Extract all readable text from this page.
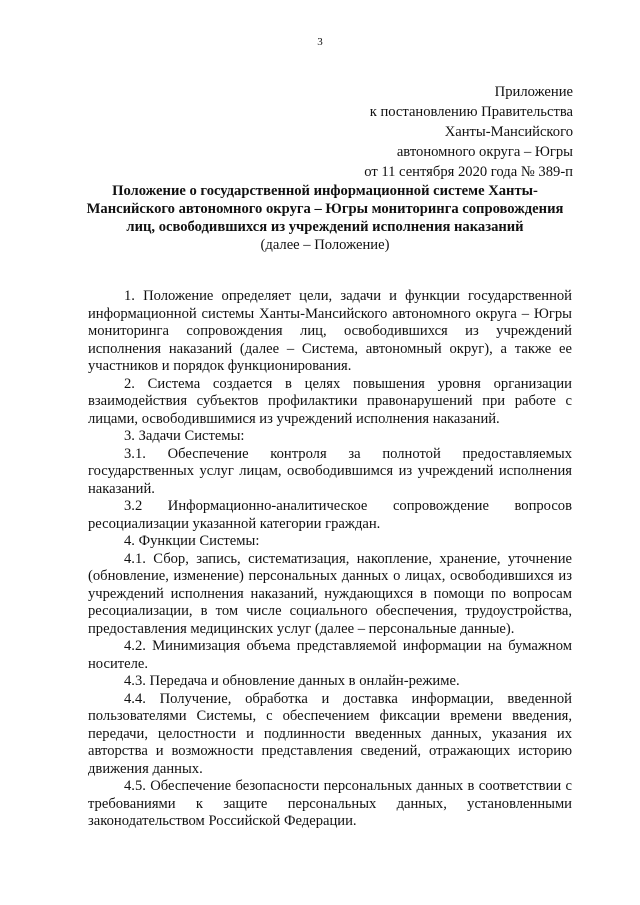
3
Приложение
к постановлению Правительства
Ханты-Мансийского
автономного округа – Югры
от 11 сентября 2020 года № 389-п
Положение о государственной информационной системе Ханты-Мансийского автономного округа – Югры мониторинга сопровождения лиц, освободившихся из учреждений исполнения наказаний
(далее – Положение)

1. Положение определяет цели, задачи и функции государственной информационной системы Ханты-Мансийского автономного округа – Югры мониторинга сопровождения лиц, освободившихся из учреждений исполнения наказаний (далее – Система, автономный округ), а также ее участников и порядок функционирования.

2. Система создается в целях повышения уровня организации взаимодействия субъектов профилактики правонарушений при работе с лицами, освободившимися из учреждений исполнения наказаний.

3. Задачи Системы:

3.1. Обеспечение контроля за полнотой предоставляемых государственных услуг лицам, освободившимся из учреждений исполнения наказаний.

3.2 Информационно-аналитическое сопровождение вопросов ресоциализации указанной категории граждан.

4. Функции Системы:

4.1. Сбор, запись, систематизация, накопление, хранение, уточнение (обновление, изменение) персональных данных о лицах, освободившихся из учреждений исполнения наказаний, нуждающихся в помощи по вопросам ресоциализации, в том числе социального обеспечения, трудоустройства, предоставления медицинских услуг (далее – персональные данные).

4.2. Минимизация объема представляемой информации на бумажном носителе.

4.3. Передача и обновление данных в онлайн-режиме.

4.4. Получение, обработка и доставка информации, введенной пользователями Системы, с обеспечением фиксации времени введения, передачи, целостности и подлинности введенных данных, указания их авторства и возможности представления сведений, отражающих историю движения данных.

4.5. Обеспечение безопасности персональных данных в соответствии с требованиями к защите персональных данных, установленными законодательством Российской Федерации.
